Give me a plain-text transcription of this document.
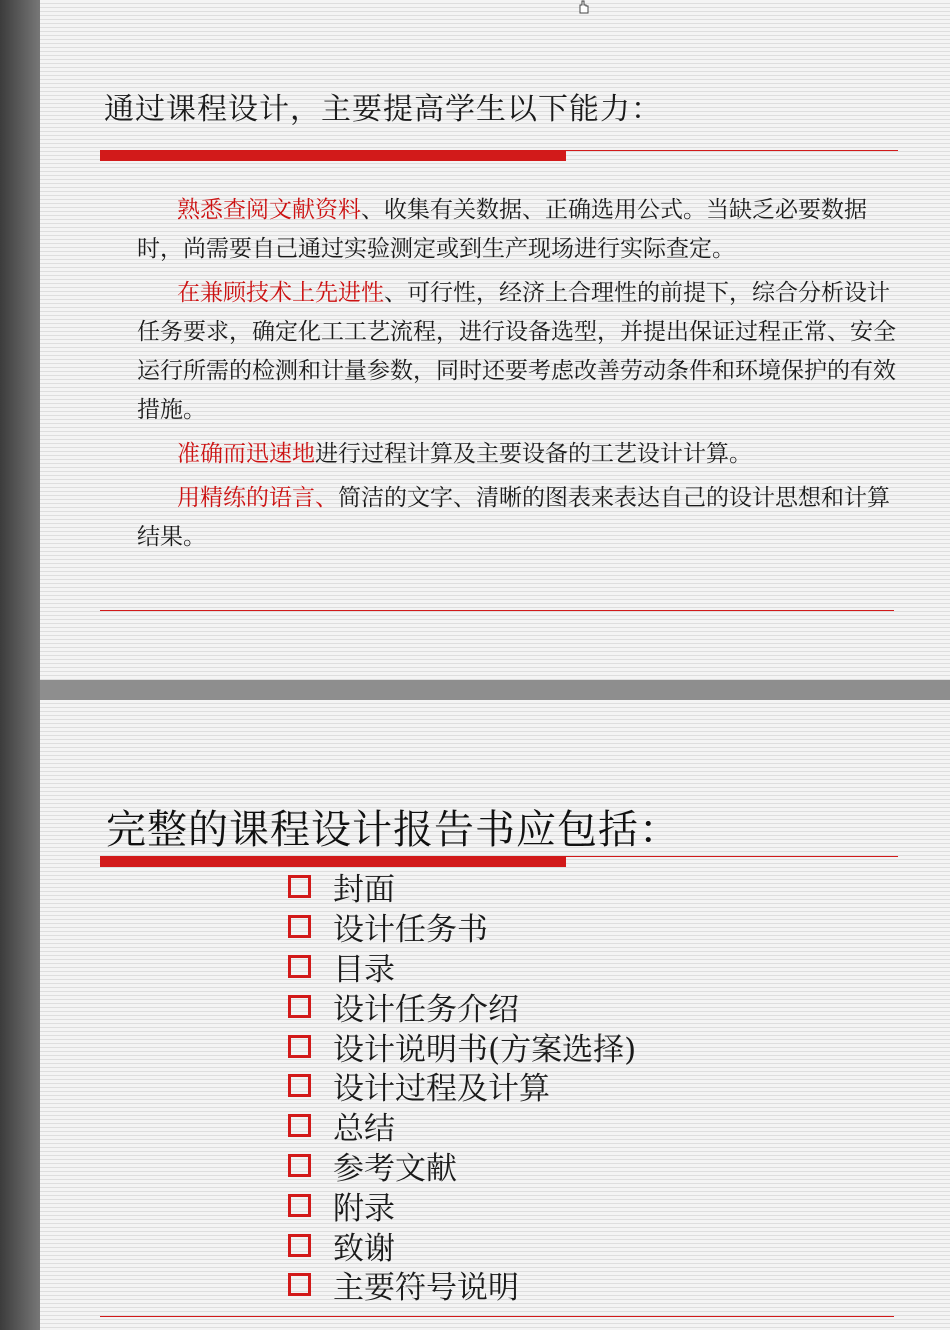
通过课程设计，主要提高学生以下能力：

熟悉查阅文献资料、收集有关数据、正确选用公式。当缺乏必要数据时，尚需要自己通过实验测定或到生产现场进行实际查定。

在兼顾技术上先进性、可行性，经济上合理性的前提下，综合分析设计任务要求，确定化工工艺流程，进行设备选型，并提出保证过程正常、安全运行所需的检测和计量参数，同时还要考虑改善劳动条件和环境保护的有效措施。

准确而迅速地进行过程计算及主要设备的工艺设计计算。

用精练的语言、简洁的文字、清晰的图表来表达自己的设计思想和计算结果。

完整的课程设计报告书应包括：
封面
设计任务书
目录
设计任务介绍
设计说明书(方案选择)
设计过程及计算
总结
参考文献
附录
致谢
主要符号说明
